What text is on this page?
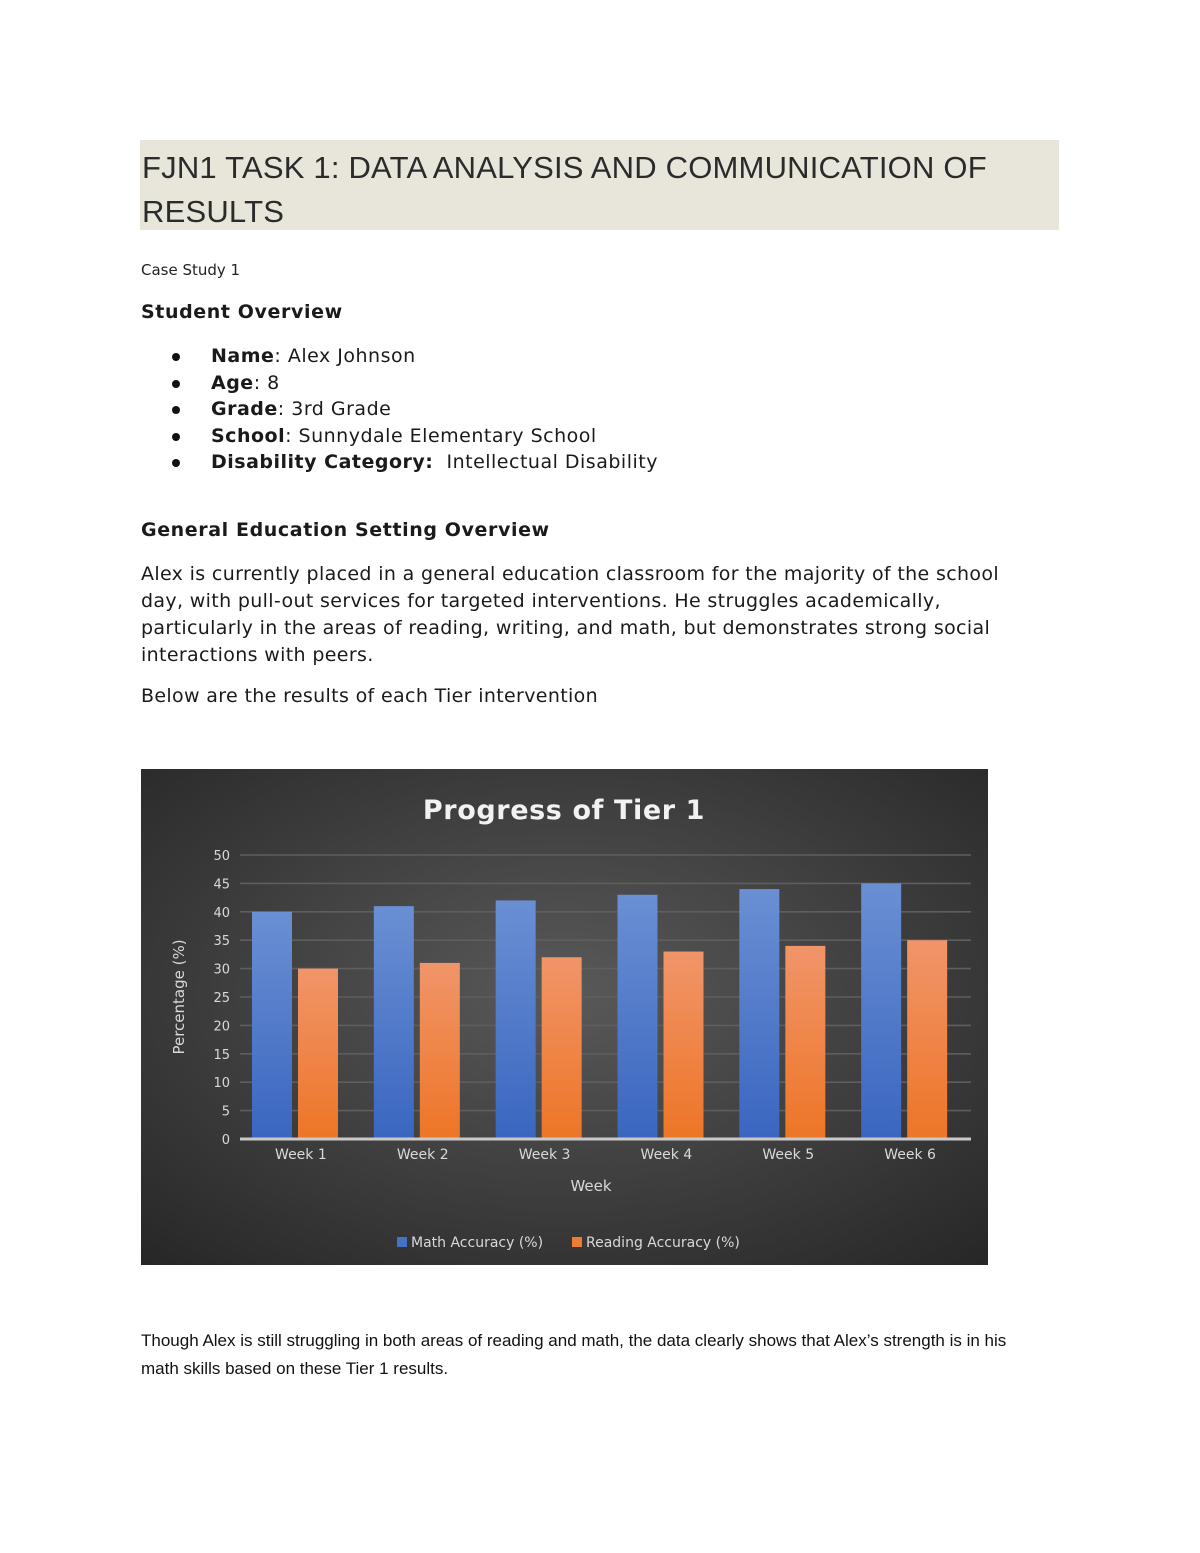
FJN1 TASK 1: DATA ANALYSIS AND COMMUNICATION OF RESULTS
Case Study 1
Student Overview
Name: Alex Johnson
Age: 8
Grade: 3rd Grade
School: Sunnydale Elementary School
Disability Category:  Intellectual Disability
General Education Setting Overview

Alex is currently placed in a general education classroom for the majority of the school day, with pull-out services for targeted interventions. He struggles academically, particularly in the areas of reading, writing, and math, but demonstrates strong social interactions with peers.

Below are the results of each Tier intervention

Progress of Tier 1
0
5
10
15
20
25
30
35
40
45
50
Week 1	Week 2	Week 3	Week 4	Week 5	Week 6
Week
Percentage (%)
Math Accuracy (%)	Reading Accuracy (%)

Though Alex is still struggling in both areas of reading and math, the data clearly shows that Alex’s strength is in his math skills based on these Tier 1 results.
